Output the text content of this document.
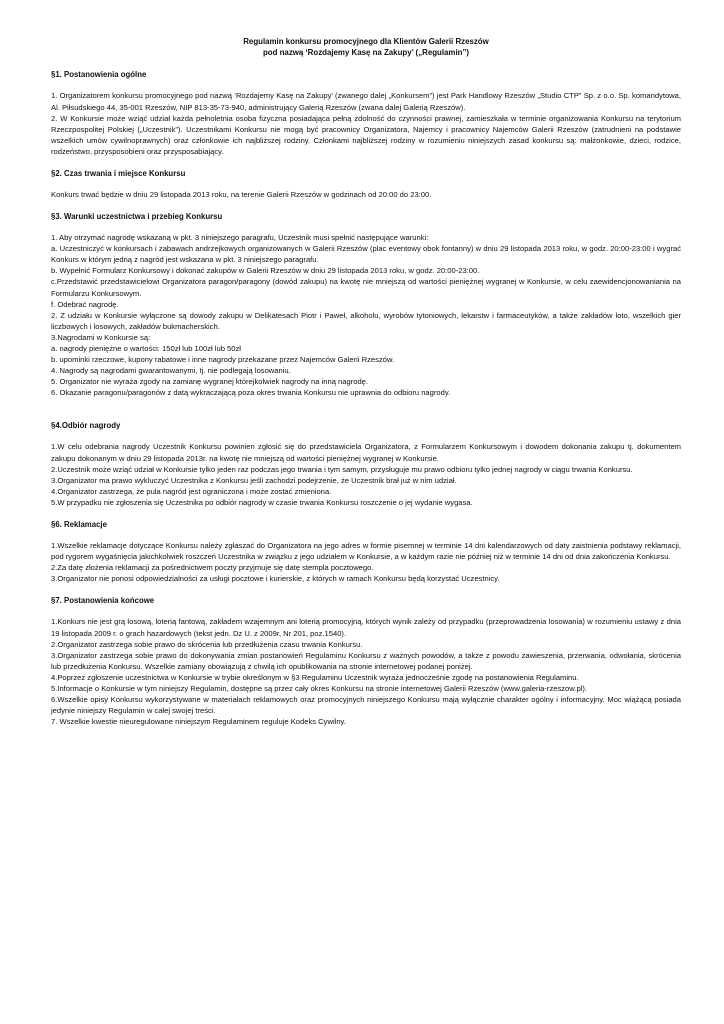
Regulamin konkursu promocyjnego dla Klientów Galerii Rzeszów
pod nazwą ‘Rozdajemy Kasę na Zakupy’ („Regulamin”)
§1. Postanowienia ogólne

1. Organizatorem konkursu promocyjnego pod nazwą ‘Rozdajemy Kasę na Zakupy’ (zwanego dalej „Konkursem”) jest Park Handlowy Rzeszów „Studio CTP” Sp. z o.o. Sp. komandytowa, Al. Piłsudskiego 44, 35-001 Rzeszów, NIP 813-35-73-940, administrujący Galerią Rzeszów (zwana dalej Galerią Rzeszów).

2. W Konkursie może wziąć udział każda pełnoletnia osoba fizyczna posiadająca pełną zdolność do czynności prawnej, zamieszkała w terminie organizowania Konkursu na terytorium Rzeczpospolitej Polskiej („Uczestnik”). Uczestnikami Konkursu nie mogą być pracownicy Organizatora, Najemcy i pracownicy Najemców Galerii Rzeszów (zatrudnieni na podstawie wszelkich umów cywilnoprawnych) oraz członkowie ich najbliższej rodziny. Członkami najbliższej rodziny w rozumieniu niniejszych zasad konkursu są: małżonkowie, dzieci, rodzice, rodzeństwo, przysposobieni oraz przysposabiający.

§2. Czas trwania i miejsce Konkursu

Konkurs trwać będzie w dniu 29 listopada 2013 roku, na terenie Galerii Rzeszów w godzinach od 20:00 do 23:00.

§3. Warunki uczestnictwa i przebieg Konkursu

1. Aby otrzymać nagrodę wskazaną w pkt. 3 niniejszego paragrafu, Uczestnik musi spełnić następujące warunki:

a. Uczestniczyć w konkursach i zabawach andrzejkowych organizowanych w Galerii Rzeszów (plac eventowy obok fontanny) w dniu 29 listopada 2013 roku, w godz. 20:00-23:00 i wygrać Konkurs w którym jedną z nagród jest wskazana w pkt. 3 niniejszego paragrafu.

b. Wypełnić Formularz Konkursowy i dokonać zakupów w Galerii Rzeszów w dniu 29 listopada 2013 roku, w godz. 20:00-23:00.

c.Przedstawić przedstawicielowi Organizatora paragon/paragony (dowód zakupu) na kwotę nie mniejszą od wartości pieniężnej wygranej w Konkursie, w celu zaewidencjonowaniania na Formularzu Konkursowym.

f. Odebrać nagrodę.

2. Z udziału w Konkursie wyłączone są dowody zakupu w Delikatesach Piotr i Paweł, alkoholu, wyrobów tytoniowych, lekarstw i farmaceutyków, a także zakładów loto, wszelkich gier liczbowych i losowych, zakładów bukmacherskich.

3.Nagrodami w Konkursie są:

a. nagrody pieniężne o wartości: 150zł lub 100zł lub 50zł

b. upominki rzeczowe, kupony rabatowe i inne nagrody przekazane przez Najemców Galerii Rzeszów.

4. Nagrody są nagrodami gwarantowanymi, tj. nie podlegają losowaniu.

5. Organizator nie wyraża zgody na zamianę wygranej którejkolwiek nagrody na inną nagrodę.

6. Okazanie paragonu/paragonów z datą wykraczającą poza okres trwania Konkursu nie uprawnia do odbioru nagrody.

§4.Odbiór nagrody

1.W celu odebrania nagrody Uczestnik Konkursu powinien zgłosić się do przedstawiciela Organizatora, z Formularzem Konkursowym i dowodem dokonania zakupu tj. dokumentem zakupu dokonanym w dniu 29 listopada 2013r. na kwotę nie mniejszą od wartości pieniężnej wygranej w Konkursie.

2.Uczestnik może wziąć udział w Konkursie tylko jeden raz podczas jego trwania i tym samym, przysługuje mu prawo odbioru tylko jednej nagrody w ciągu trwania Konkursu.

3.Organizator ma prawo wykluczyć Uczestnika z Konkursu jeśli zachodzi podejrzenie, że Uczestnik brał już w nim udział.

4.Organizator zastrzega, że pula nagród jest ograniczona i może zostać zmieniona.

5.W przypadku nie zgłoszenia się Uczestnika po odbiór nagrody w czasie trwania Konkursu roszczenie o jej wydanie wygasa.

§6. Reklamacje

1.Wszelkie reklamacje dotyczące Konkursu należy zgłaszać do Organizatora na jego adres w formie pisemnej w terminie 14 dni kalendarzowych od daty zaistnienia podstawy reklamacji, pod rygorem wygaśnięcia jakichkolwiek roszczeń Uczestnika w związku z jego udziałem w Konkursie, a w każdym razie nie później niż w terminie 14 dni od dnia zakończenia Konkursu.

2.Za datę złożenia reklamacji za pośrednictwem poczty przyjmuje się datę stempla pocztowego.

3.Organizator nie ponosi odpowiedzialności za usługi pocztowe i kurierskie, z których w ramach Konkursu będą korzystać Uczestnicy.

§7. Postanowienia końcowe

1.Konkurs nie jest grą losową, loterią fantową, zakładem wzajemnym ani loterią promocyjną, których wynik zależy od przypadku (przeprowadzenia losowania) w rozumieniu ustawy z dnia 19 listopada 2009 r. o grach hazardowych (tekst jedn. Dz U. z 2009r, Nr 201, poz.1540).

2.Organizator zastrzega sobie prawo do skrócenia lub przedłużenia czasu trwania Konkursu.

3.Organizator zastrzega sobie prawo do dokonywania zmian postanowień Regulaminu Konkursu z ważnych powodów, a także z powodu zawieszenia, przerwania, odwołania, skrócenia lub przedłużenia Konkursu. Wszelkie zamiany obowiązują z chwilą ich opublikowania na stronie internetowej podanej poniżej.

4.Poprzez zgłoszenie uczestnictwa w Konkursie w trybie określonym w §3 Regulaminu Uczestnik wyraża jednocześnie zgodę na postanowienia Regulaminu.

5.Informacje o Konkursie w tym niniejszy Regulamin, dostępne są przez cały okres Konkursu na stronie internetowej Galerii Rzeszów (www.galeria-rzeszow.pl).

6.Wszelkie opisy Konkursu wykorzystywane w materiałach reklamowych oraz promocyjnych niniejszego Konkursu mają wyłącznie charakter ogólny i informacyjny. Moc wiążącą posiada jedynie niniejszy Regulamin w całej swojej treści.

7. Wszelkie kwestie nieuregulowane niniejszym Regulaminem reguluje Kodeks Cywilny.
